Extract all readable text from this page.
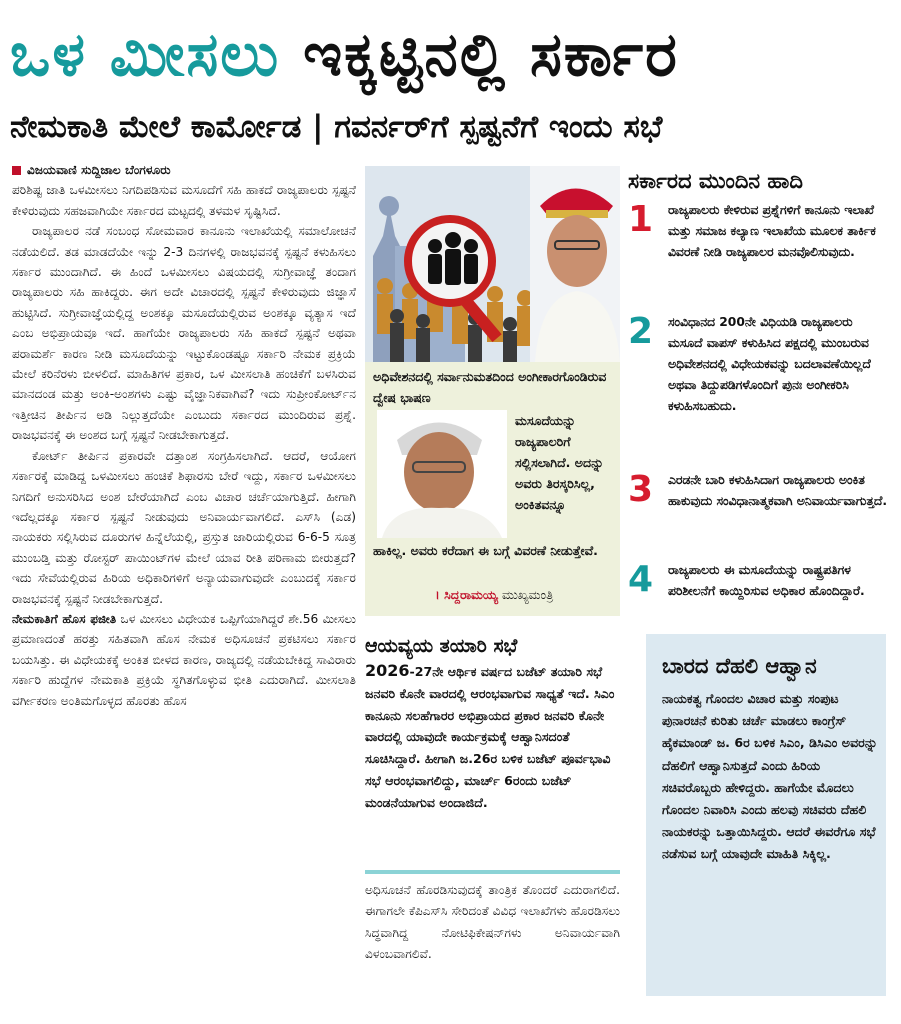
ಒಳ ಮೀಸಲು ಇಕ್ಕಟ್ಟಿನಲ್ಲಿ ಸರ್ಕಾರ
ನೇಮಕಾತಿ ಮೇಲೆ ಕಾರ್ಮೋಡ | ಗವರ್ನರ್‌ಗೆ ಸ್ಪಷ್ಟನೆಗೆ ಇಂದು ಸಭೆ
ವಿಜಯವಾಣಿ ಸುದ್ದಿಜಾಲ ಬೆಂಗಳೂರು

ಪರಿಶಿಷ್ಟ ಜಾತಿ ಒಳಮೀಸಲು ನಿಗದಿಪಡಿಸುವ ಮಸೂದೆಗೆ ಸಹಿ ಹಾಕದೆ ರಾಜ್ಯಪಾಲರು ಸ್ಪಷ್ಟನೆ ಕೇಳಿರುವುದು ಸಹಜವಾಗಿಯೇ ಸರ್ಕಾರದ ಮಟ್ಟದಲ್ಲಿ ತಳಮಳ ಸೃಷ್ಟಿಸಿದೆ.

ರಾಜ್ಯಪಾಲರ ನಡೆ ಸಂಬಂಧ ಸೋಮವಾರ ಕಾನೂನು ಇಲಾಖೆಯಲ್ಲಿ ಸಮಾಲೋಚನೆ ನಡೆಯಲಿದೆ. ತಡ ಮಾಡದೆಯೇ ಇನ್ನು 2-3 ದಿನಗಳಲ್ಲಿ ರಾಜಭವನಕ್ಕೆ ಸ್ಪಷ್ಟನೆ ಕಳುಹಿಸಲು ಸರ್ಕಾರ ಮುಂದಾಗಿದೆ. ಈ ಹಿಂದೆ ಒಳಮೀಸಲು ವಿಷಯದಲ್ಲಿ ಸುಗ್ರೀವಾಜ್ಞೆ ತಂದಾಗ ರಾಜ್ಯಪಾಲರು ಸಹಿ ಹಾಕಿದ್ದರು. ಈಗ ಅದೇ ವಿಚಾರದಲ್ಲಿ ಸ್ಪಷ್ಟನೆ ಕೇಳಿರುವುದು ಜಿಜ್ಞಾಸೆ ಹುಟ್ಟಿಸಿದೆ. ಸುಗ್ರೀವಾಜ್ಞೆಯಲ್ಲಿದ್ದ ಅಂಶಕ್ಕೂ ಮಸೂದೆಯಲ್ಲಿರುವ ಅಂಶಕ್ಕೂ ವ್ಯತ್ಯಾಸ ಇದೆ ಎಂಬ ಅಭಿಪ್ರಾಯವೂ ಇದೆ. ಹಾಗೆಯೇ ರಾಜ್ಯಪಾಲರು ಸಹಿ ಹಾಕದೆ ಸ್ಪಷ್ಟನೆ ಅಥವಾ ಪರಾಮರ್ಶೆ ಕಾರಣ ನೀಡಿ ಮಸೂದೆಯನ್ನು ಇಟ್ಟುಕೊಂಡಷ್ಟೂ ಸರ್ಕಾರಿ ನೇಮಕ ಪ್ರಕ್ರಿಯೆ ಮೇಲೆ ಕರಿನೆರಳು ಬೀಳಲಿದೆ. ಮಾಹಿತಿಗಳ ಪ್ರಕಾರ, ಒಳ ಮೀಸಲಾತಿ ಹಂಚಿಕೆಗೆ ಬಳಸಿರುವ ಮಾನದಂಡ ಮತ್ತು ಅಂಕಿ-ಅಂಶಗಳು ಎಷ್ಟು ವೈಜ್ಞಾನಿಕವಾಗಿವೆ? ಇದು ಸುಪ್ರೀಂಕೋರ್ಟ್‌ನ ಇತ್ತೀಚಿನ ತೀರ್ಪಿನ ಅಡಿ ನಿಲ್ಲುತ್ತದೆಯೇ ಎಂಬುದು ಸರ್ಕಾರದ ಮುಂದಿರುವ ಪ್ರಶ್ನೆ. ರಾಜಭವನಕ್ಕೆ ಈ ಅಂಶದ ಬಗ್ಗೆ ಸ್ಪಷ್ಟನೆ ನೀಡಬೇಕಾಗುತ್ತದೆ.

ಕೋರ್ಟ್ ತೀರ್ಪಿನ ಪ್ರಕಾರವೇ ದತ್ತಾಂಶ ಸಂಗ್ರಹಿಸಲಾಗಿದೆ. ಆದರೆ, ಆಯೋಗ ಸರ್ಕಾರಕ್ಕೆ ಮಾಡಿದ್ದ ಒಳಮೀಸಲು ಹಂಚಿಕೆ ಶಿಫಾರಸು ಬೇರೆ ಇದ್ದು, ಸರ್ಕಾರ ಒಳಮೀಸಲು ನಿಗದಿಗೆ ಅನುಸರಿಸಿದ ಅಂಶ ಬೇರೆಯಾಗಿದೆ ಎಂಬ ವಿಚಾರ ಚರ್ಚೆಯಾಗುತ್ತಿದೆ. ಹೀಗಾಗಿ ಇದೆಲ್ಲದಕ್ಕೂ ಸರ್ಕಾರ ಸ್ಪಷ್ಟನೆ ನೀಡುವುದು ಅನಿವಾರ್ಯವಾಗಲಿದೆ. ಎಸ್‌ಸಿ (ಎಡ) ನಾಯಕರು ಸಲ್ಲಿಸಿರುವ ದೂರುಗಳ ಹಿನ್ನೆಲೆಯಲ್ಲಿ, ಪ್ರಸ್ತುತ ಜಾರಿಯಲ್ಲಿರುವ 6-6-5 ಸೂತ್ರ ಮುಂಬಡ್ತಿ ಮತ್ತು ರೋಸ್ಟರ್ ಪಾಯಿಂಟ್‌ಗಳ ಮೇಲೆ ಯಾವ ರೀತಿ ಪರಿಣಾಮ ಬೀರುತ್ತದೆ? ಇದು ಸೇವೆಯಲ್ಲಿರುವ ಹಿರಿಯ ಅಧಿಕಾರಿಗಳಿಗೆ ಅನ್ಯಾಯವಾಗುವುದೇ ಎಂಬುದಕ್ಕೆ ಸರ್ಕಾರ ರಾಜಭವನಕ್ಕೆ ಸ್ಪಷ್ಟನೆ ನೀಡಬೇಕಾಗುತ್ತದೆ.

ನೇಮಕಾತಿಗೆ ಹೊಸ ಫಜೀತಿ ಒಳ ಮೀಸಲು ವಿಧೇಯಕ ಒಪ್ಪಿಗೆಯಾಗಿದ್ದರೆ ಶೇ.56 ಮೀಸಲು ಪ್ರಮಾಣದಂತೆ ಹರತ್ತು ಸಹಿತವಾಗಿ ಹೊಸ ನೇಮಕ ಅಧಿಸೂಚನೆ ಪ್ರಕಟಿಸಲು ಸರ್ಕಾರ ಬಯಸಿತ್ತು. ಈ ವಿಧೇಯಕಕ್ಕೆ ಅಂಕಿತ ಬೀಳದ ಕಾರಣ, ರಾಜ್ಯದಲ್ಲಿ ನಡೆಯಬೇಕಿದ್ದ ಸಾವಿರಾರು ಸರ್ಕಾರಿ ಹುದ್ದೆಗಳ ನೇಮಕಾತಿ ಪ್ರಕ್ರಿಯೆ ಸ್ಥಗಿತಗೊಳ್ಳುವ ಭೀತಿ ಎದುರಾಗಿದೆ. ಮೀಸಲಾತಿ ವರ್ಗೀಕರಣ ಅಂತಿಮಗೊಳ್ಳದ ಹೊರತು ಹೊಸ

ಅಧಿವೇಶನದಲ್ಲಿ ಸರ್ವಾನುಮತದಿಂದ ಅಂಗೀಕಾರಗೊಂಡಿರುವ ದ್ವೇಷ ಭಾಷಣ
ಮಸೂದೆಯನ್ನು ರಾಜ್ಯಪಾಲರಿಗೆ ಸಲ್ಲಿಸಲಾಗಿದೆ. ಅದನ್ನು ಅವರು ತಿರಸ್ಕರಿಸಿಲ್ಲ, ಅಂಕಿತವನ್ನೂ
ಹಾಕಿಲ್ಲ. ಅವರು ಕರೆದಾಗ ಈ ಬಗ್ಗೆ ವಿವರಣೆ ನೀಡುತ್ತೇವೆ.
। ಸಿದ್ದರಾಮಯ್ಯ ಮುಖ್ಯಮಂತ್ರಿ
ಸರ್ಕಾರದ ಮುಂದಿನ ಹಾದಿ
1	ರಾಜ್ಯಪಾಲರು ಕೇಳಿರುವ ಪ್ರಶ್ನೆಗಳಿಗೆ ಕಾನೂನು ಇಲಾಖೆ ಮತ್ತು ಸಮಾಜ ಕಲ್ಯಾಣ ಇಲಾಖೆಯ ಮೂಲಕ ತಾರ್ಕಿಕ ವಿವರಣೆ ನೀಡಿ ರಾಜ್ಯಪಾಲರ ಮನವೊಲಿಸುವುದು.
2	ಸಂವಿಧಾನದ 200ನೇ ವಿಧಿಯಡಿ ರಾಜ್ಯಪಾಲರು ಮಸೂದೆ ವಾಪಸ್ ಕಳುಹಿಸಿದ ಪಕ್ಷದಲ್ಲಿ ಮುಂಬರುವ ಅಧಿವೇಶನದಲ್ಲಿ ವಿಧೇಯಕವನ್ನು ಬದಲಾವಣೆಯಿಲ್ಲದೆ ಅಥವಾ ತಿದ್ದುಪಡಿಗಳೊಂದಿಗೆ ಪುನಃ ಅಂಗೀಕರಿಸಿ ಕಳುಹಿಸಬಹುದು.
3	ಎರಡನೇ ಬಾರಿ ಕಳುಹಿಸಿದಾಗ ರಾಜ್ಯಪಾಲರು ಅಂಕಿತ ಹಾಕುವುದು ಸಂವಿಧಾನಾತ್ಮಕವಾಗಿ ಅನಿವಾರ್ಯವಾಗುತ್ತದೆ.
4	ರಾಜ್ಯಪಾಲರು ಈ ಮಸೂದೆಯನ್ನು ರಾಷ್ಟ್ರಪತಿಗಳ ಪರಿಶೀಲನೆಗೆ ಕಾಯ್ದಿರಿಸುವ ಅಧಿಕಾರ ಹೊಂದಿದ್ದಾರೆ.
ಆಯವ್ಯಯ ತಯಾರಿ ಸಭೆ
2026-27ನೇ ಆರ್ಥಿಕ ವರ್ಷದ ಬಜೆಟ್ ತಯಾರಿ ಸಭೆ ಜನವರಿ ಕೊನೇ ವಾರದಲ್ಲಿ ಆರಂಭವಾಗುವ ಸಾಧ್ಯತೆ ಇದೆ. ಸಿಎಂ ಕಾನೂನು ಸಲಹೆಗಾರರ ಅಭಿಪ್ರಾಯದ ಪ್ರಕಾರ ಜನವರಿ ಕೊನೇ ವಾರದಲ್ಲಿ ಯಾವುದೇ ಕಾರ್ಯಕ್ರಮಕ್ಕೆ ಆಹ್ವಾನಿಸದಂತೆ ಸೂಚಿಸಿದ್ದಾರೆ. ಹೀಗಾಗಿ ಜ.26ರ ಬಳಿಕ ಬಜೆಟ್ ಪೂರ್ವಭಾವಿ ಸಭೆ ಆರಂಭವಾಗಲಿದ್ದು, ಮಾರ್ಚ್ 6ರಂದು ಬಜೆಟ್ ಮಂಡನೆಯಾಗುವ ಅಂದಾಜಿದೆ.
ಅಧಿಸೂಚನೆ ಹೊರಡಿಸುವುದಕ್ಕೆ ತಾಂತ್ರಿಕ ತೊಂದರೆ ಎದುರಾಗಲಿದೆ. ಈಗಾಗಲೇ ಕೆಪಿಎಸ್‌ಸಿ ಸೇರಿದಂತೆ ವಿವಿಧ ಇಲಾಖೆಗಳು ಹೊರಡಿಸಲು ಸಿದ್ಧವಾಗಿದ್ದ ನೋಟಿಫಿಕೇಷನ್‌ಗಳು ಅನಿವಾರ್ಯವಾಗಿ ವಿಳಂಬವಾಗಲಿವೆ.
ಬಾರದ ದೆಹಲಿ ಆಹ್ವಾನ
ನಾಯಕತ್ವ ಗೊಂದಲ ವಿಚಾರ ಮತ್ತು ಸಂಪುಟ ಪುನಾರಚನೆ ಕುರಿತು ಚರ್ಚೆ ಮಾಡಲು ಕಾಂಗ್ರೆಸ್ ಹೈಕಮಾಂಡ್ ಜ. 6ರ ಬಳಿಕ ಸಿಎಂ, ಡಿಸಿಎಂ ಅವರನ್ನು ದೆಹಲಿಗೆ ಆಹ್ವಾನಿಸುತ್ತದೆ ಎಂದು ಹಿರಿಯ ಸಚಿವರೊಬ್ಬರು ಹೇಳಿದ್ದರು. ಹಾಗೆಯೇ ಮೊದಲು ಗೊಂದಲ ನಿವಾರಿಸಿ ಎಂದು ಹಲವು ಸಚಿವರು ದೆಹಲಿ ನಾಯಕರನ್ನು ಒತ್ತಾಯಿಸಿದ್ದರು. ಆದರೆ ಈವರೆಗೂ ಸಭೆ ನಡೆಸುವ ಬಗ್ಗೆ ಯಾವುದೇ ಮಾಹಿತಿ ಸಿಕ್ಕಿಲ್ಲ.
